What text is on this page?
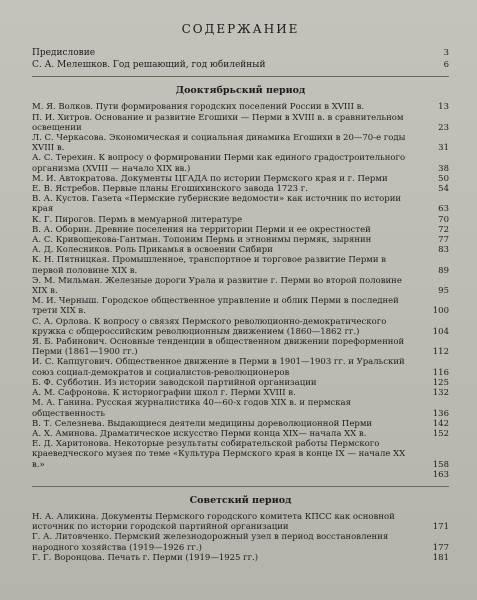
СОДЕРЖАНИЕ
Предисловие	3
С. А. Мелешков. Год решающий, год юбилейный	6
Дооктябрьский период
М. Я. Волков. Пути формирования городских поселений России в XVIII в.	13
П. И. Хитров. Основание и развитие Егошихи — Перми в XVIII в. в сравнительном освещении	23
Л. С. Черкасова. Экономическая и социальная динамика Егошихи в 20—70-е годы XVIII в.	31
А. С. Терехин. К вопросу о формировании Перми как единого градостроительного организма (XVIII — начало XIX вв.)	38
М. И. Автократова. Документы ЦГАДА по истории Пермского края и г. Перми	50
Е. В. Ястребов. Первые планы Егошихинского завода 1723 г.	54
В. А. Кустов. Газета «Пермские губернские ведомости» как источник по истории края	63
К. Г. Пирогов. Пермь в мемуарной литературе	70
В. А. Оборин. Древние поселения на территории Перми и ее окрестностей	72
А. С. Кривощекова-Гантман. Топоним Пермь и этнонимы пермяк, зырянин	77
А. Д. Колесников. Роль Прикамья в освоении Сибири	83
К. Н. Пятницкая. Промышленное, транспортное и торговое развитие Перми в первой половине XIX в.	89
Э. М. Мильман. Железные дороги Урала и развитие г. Перми во второй половине XIX в.	95
М. И. Черныш. Городское общественное управление и облик Перми в последней трети XIX в.	100
С. А. Орлова. К вопросу о связях Пермского революционно-демократического кружка с общероссийским революционным движением (1860—1862 гг.)	104
Я. Б. Рабинович. Основные тенденции в общественном движении пореформенной Перми (1861—1900 гг.)	112
И. С. Капцугович. Общественное движение в Перми в 1901—1903 гг. и Уральский союз социал-демократов и социалистов-революционеров	116
Б. Ф. Субботин. Из истории заводской партийной организации	125
А. М. Сафронова. К историографии школ г. Перми XVIII в.	132
М. А. Ганина. Русская журналистика 40—60-х годов XIX в. и пермская общественность	136
В. Т. Селезнева. Выдающиеся деятели медицины дореволюционной Перми	142
А. Х. Аминова. Драматическое искусство Перми конца XIX— начала XX в.	152
Е. Д. Харитонова. Некоторые результаты собирательской работы Пермского краеведческого музея по теме «Культура Пермского края в конце IX — начале XX в.»	158
163
Советский период
Н. А. Аликина. Документы Пермского городского комитета КПСС как основной источник по истории городской партийной организации	171
Г. А. Литовченко. Пермский железнодорожный узел в период восстановления народного хозяйства (1919—1926 гг.)	177
Г. Г. Воронцова. Печать г. Перми (1919—1925 гг.)	181
